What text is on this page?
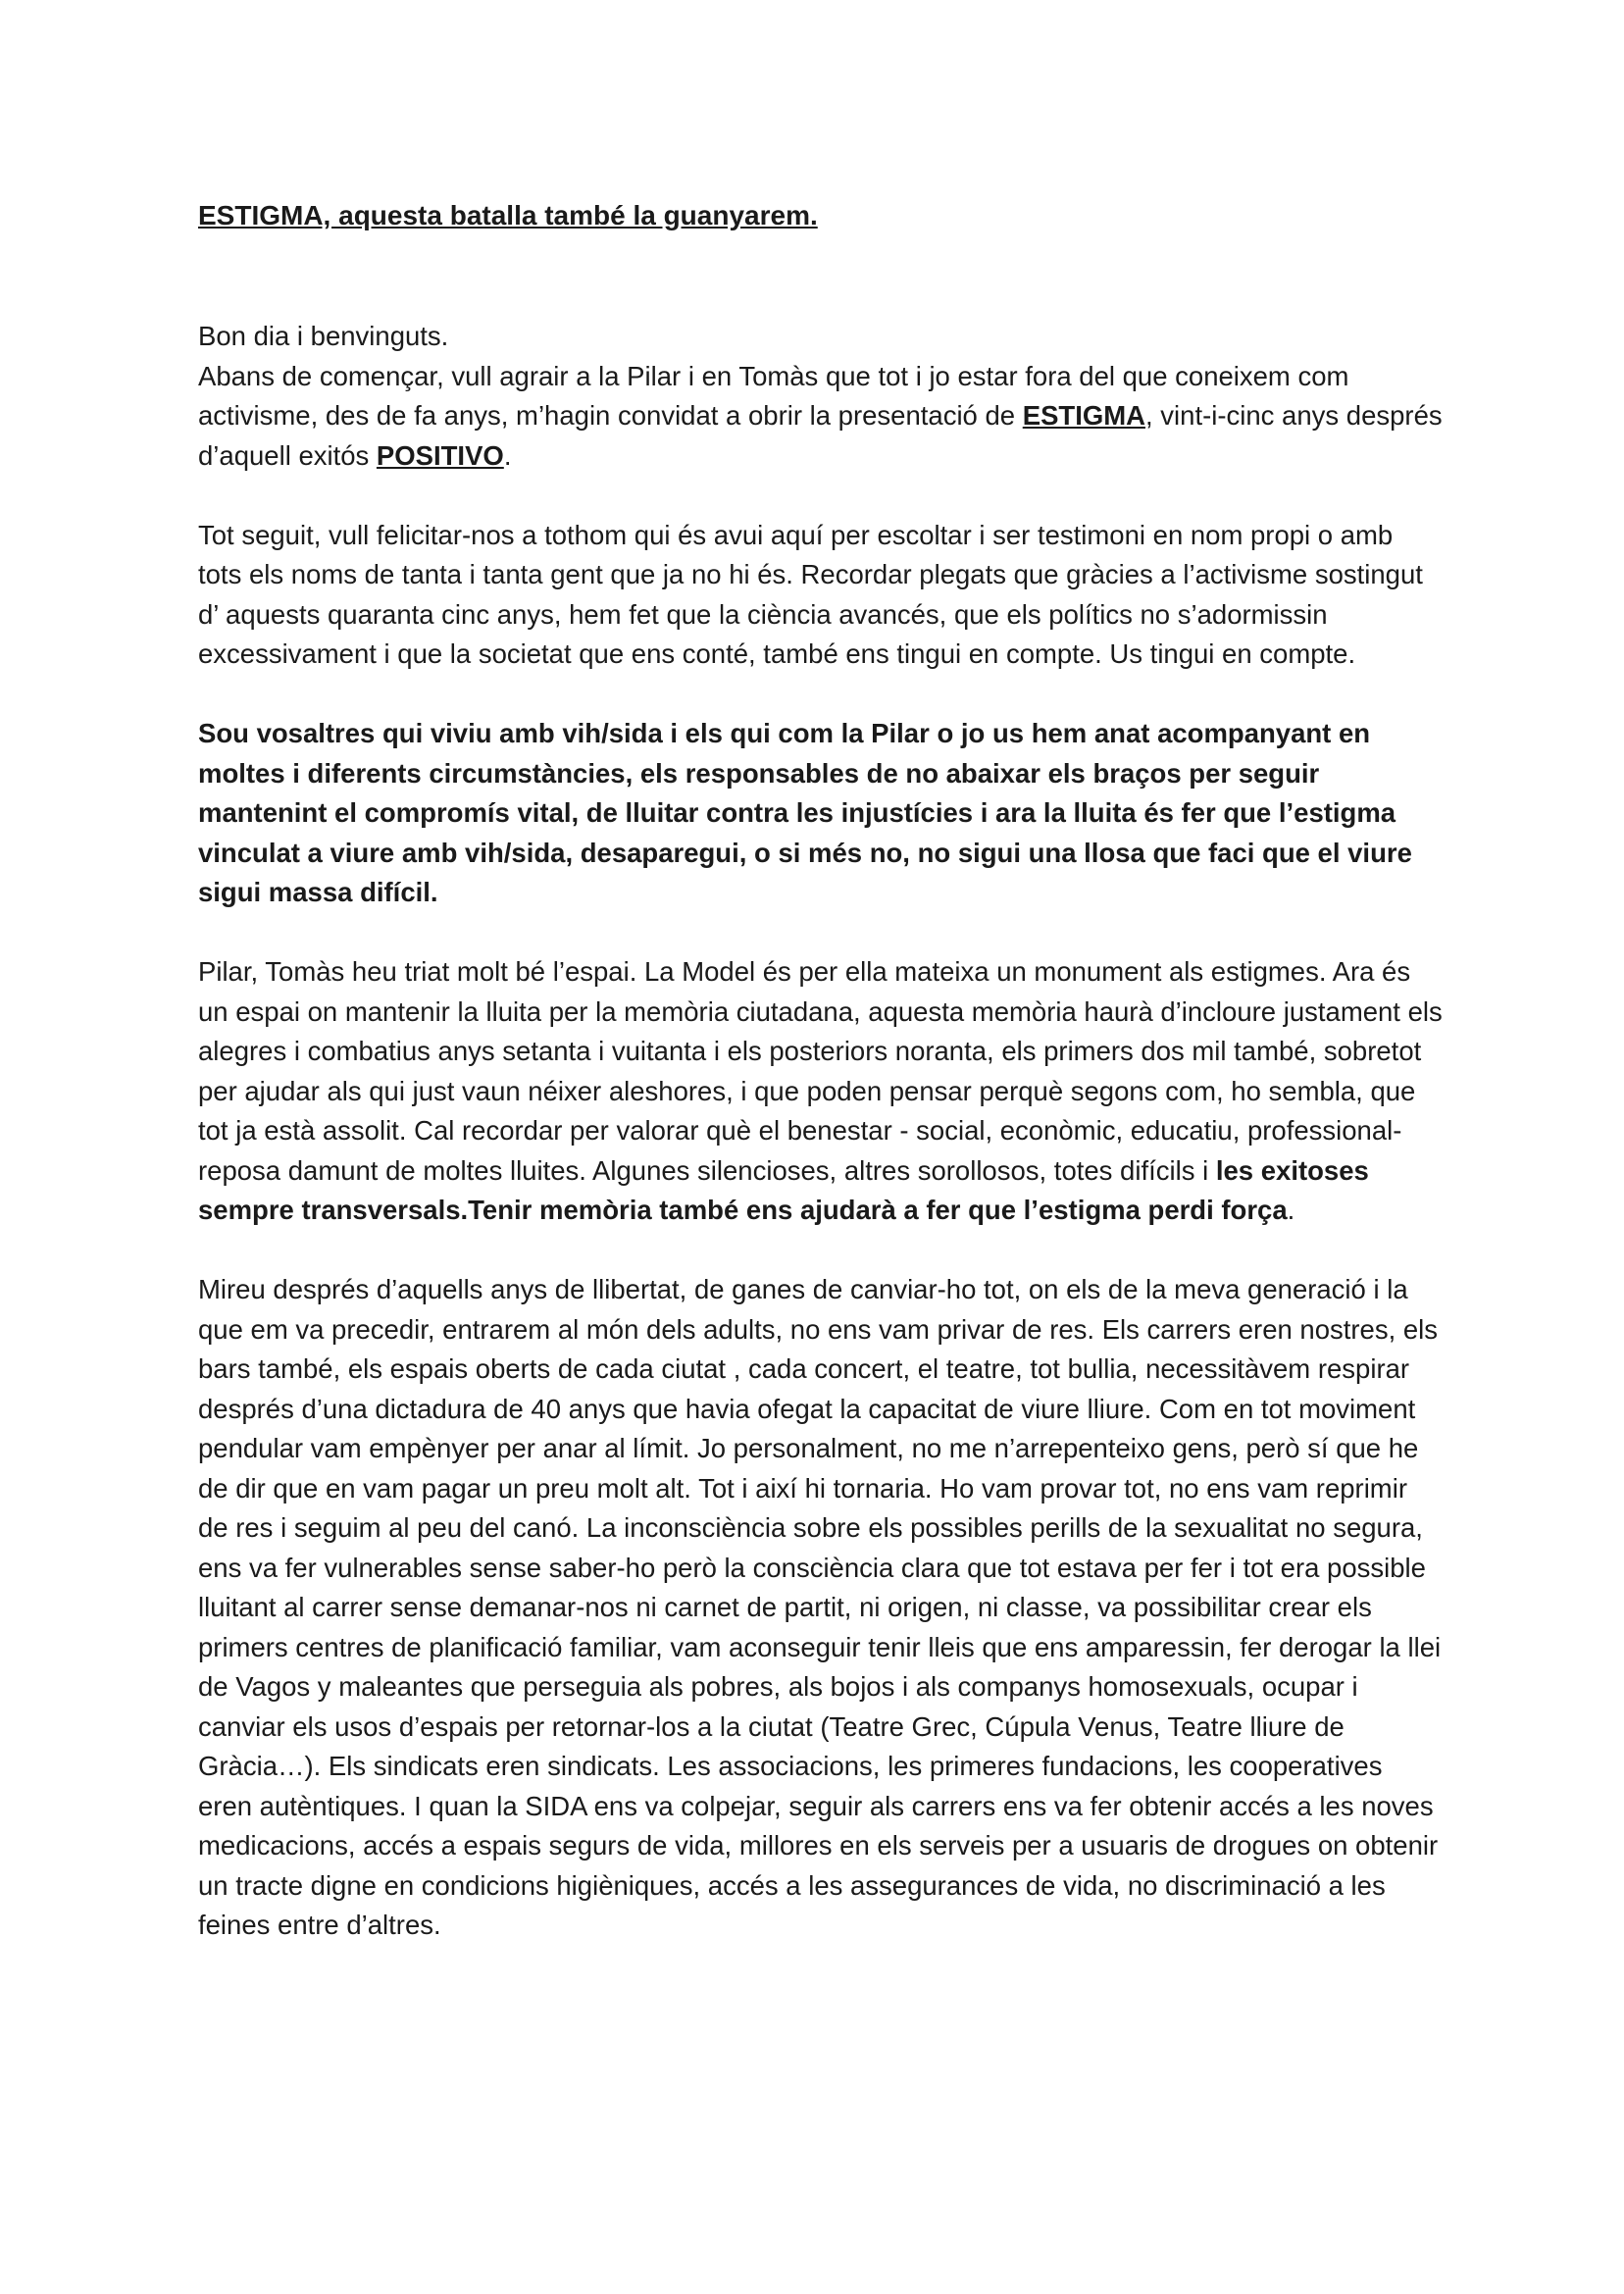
ESTIGMA, aquesta batalla també la guanyarem.

Bon dia i benvinguts.

Abans de començar, vull agrair a la Pilar i en Tomàs que tot i jo estar fora del que coneixem com activisme, des de fa anys, m’hagin convidat a obrir la presentació de ESTIGMA, vint-i-cinc anys després d’aquell exitós POSITIVO.

Tot seguit, vull felicitar-nos a tothom qui és avui aquí per escoltar i ser testimoni en nom propi o amb tots els noms de tanta i tanta gent que ja no hi és. Recordar plegats que gràcies a l’activisme sostingut d’ aquests quaranta cinc anys, hem fet que la ciència avancés, que els polítics no s’adormissin excessivament i que la societat que ens conté, també ens tingui en compte. Us tingui en compte.

Sou vosaltres qui viviu amb vih/sida i els qui com la Pilar o jo us hem anat acompanyant en moltes i diferents circumstàncies, els responsables de no abaixar els braços per seguir mantenint el compromís vital, de lluitar contra les injustícies i ara la lluita és fer que l’estigma vinculat a viure amb vih/sida, desaparegui, o si més no, no sigui una llosa que faci que el viure sigui massa difícil.

Pilar, Tomàs heu triat molt bé l’espai. La Model és per ella mateixa un monument als estigmes. Ara és un espai on mantenir la lluita per la memòria ciutadana, aquesta memòria haurà d’incloure justament els alegres i combatius anys setanta i vuitanta i els posteriors noranta, els primers dos mil també, sobretot per ajudar als qui just vaun néixer aleshores, i que poden pensar perquè segons com, ho sembla, que tot ja està assolit. Cal recordar per valorar què el benestar - social, econòmic, educatiu, professional- reposa damunt de moltes lluites. Algunes silencioses, altres sorollosos, totes difícils i les exitoses sempre transversals.Tenir memòria també ens ajudarà a fer que l’estigma perdi força.

Mireu després d’aquells anys de llibertat, de ganes de canviar-ho tot, on els de la meva generació i la que em va precedir, entrarem al món dels adults, no ens vam privar de res. Els carrers eren nostres, els bars també, els espais oberts de cada ciutat , cada concert, el teatre, tot bullia, necessitàvem respirar després d’una dictadura de 40 anys que havia ofegat la capacitat de viure lliure. Com en tot moviment pendular vam empènyer per anar al límit. Jo personalment, no me n’arrepenteixo gens, però sí que he de dir que en vam pagar un preu molt alt. Tot i així hi tornaria. Ho vam provar tot, no ens vam reprimir de res i seguim al peu del canó. La inconsciència sobre els possibles perills de la sexualitat no segura, ens va fer vulnerables sense saber-ho però la consciència clara que tot estava per fer i tot era possible lluitant al carrer sense demanar-nos ni carnet de partit, ni origen, ni classe, va possibilitar crear els primers centres de planificació familiar, vam aconseguir tenir lleis que ens amparessin, fer derogar la llei de Vagos y maleantes que perseguia als pobres, als bojos i als companys homosexuals, ocupar i canviar els usos d’espais per retornar-los a la ciutat (Teatre Grec, Cúpula Venus, Teatre lliure de Gràcia…). Els sindicats eren sindicats. Les associacions, les primeres fundacions, les cooperatives eren autèntiques. I quan la SIDA ens va colpejar, seguir als carrers ens va fer obtenir accés a les noves medicacions, accés a espais segurs de vida, millores en els serveis per a usuaris de drogues on obtenir un tracte digne en condicions higièniques, accés a les assegurances de vida, no discriminació a les feines entre d’altres.
